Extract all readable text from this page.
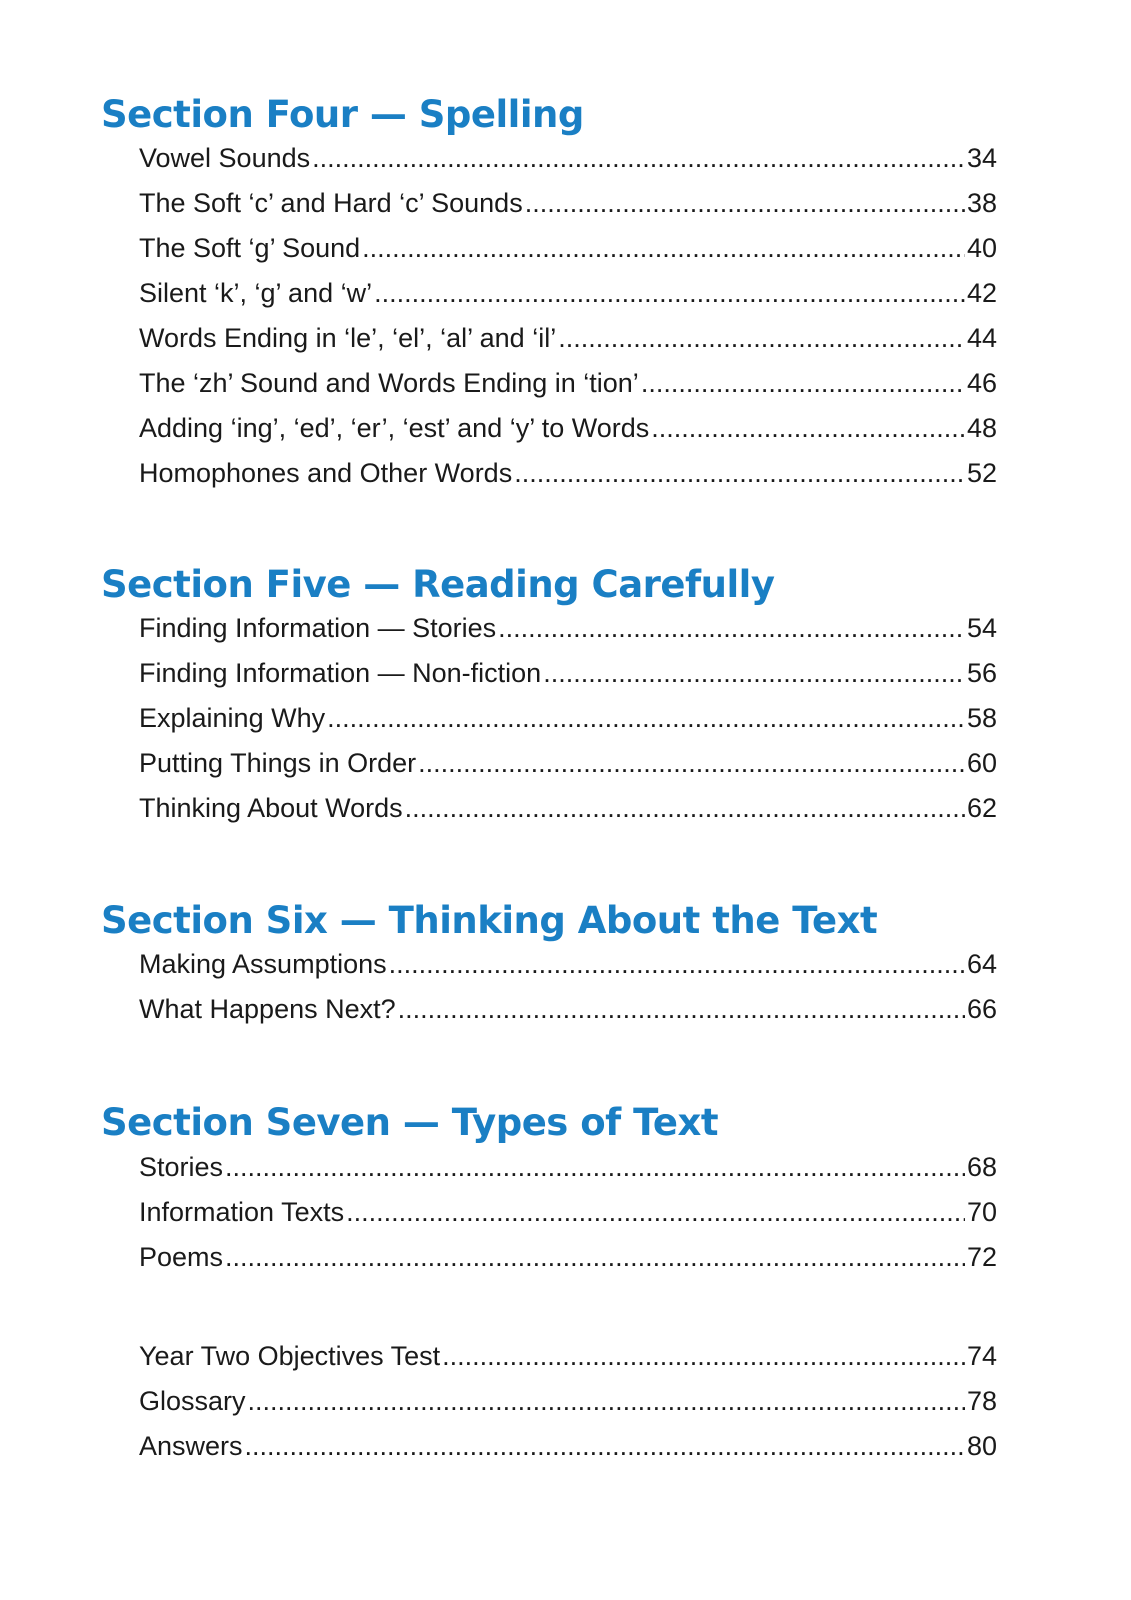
Section Four — Spelling
Vowel Sounds .....	34
The Soft ‘c’ and Hard ‘c’ Sounds .....	38
The Soft ‘g’ Sound .....	40
Silent ‘k’, ‘g’ and ‘w’ .....	42
Words Ending in ‘le’, ‘el’, ‘al’ and ‘il’ .....	44
The ‘zh’ Sound and Words Ending in ‘tion’ .....	46
Adding ‘ing’, ‘ed’, ‘er’, ‘est’ and ‘y’ to Words .....	48
Homophones and Other Words .....	52
Section Five — Reading Carefully
Finding Information — Stories .....	54
Finding Information — Non-fiction .....	56
Explaining Why .....	58
Putting Things in Order .....	60
Thinking About Words .....	62
Section Six — Thinking About the Text
Making Assumptions .....	64
What Happens Next? .....	66
Section Seven — Types of Text
Stories .....	68
Information Texts .....	70
Poems .....	72
Year Two Objectives Test .....	74
Glossary .....	78
Answers .....	80
